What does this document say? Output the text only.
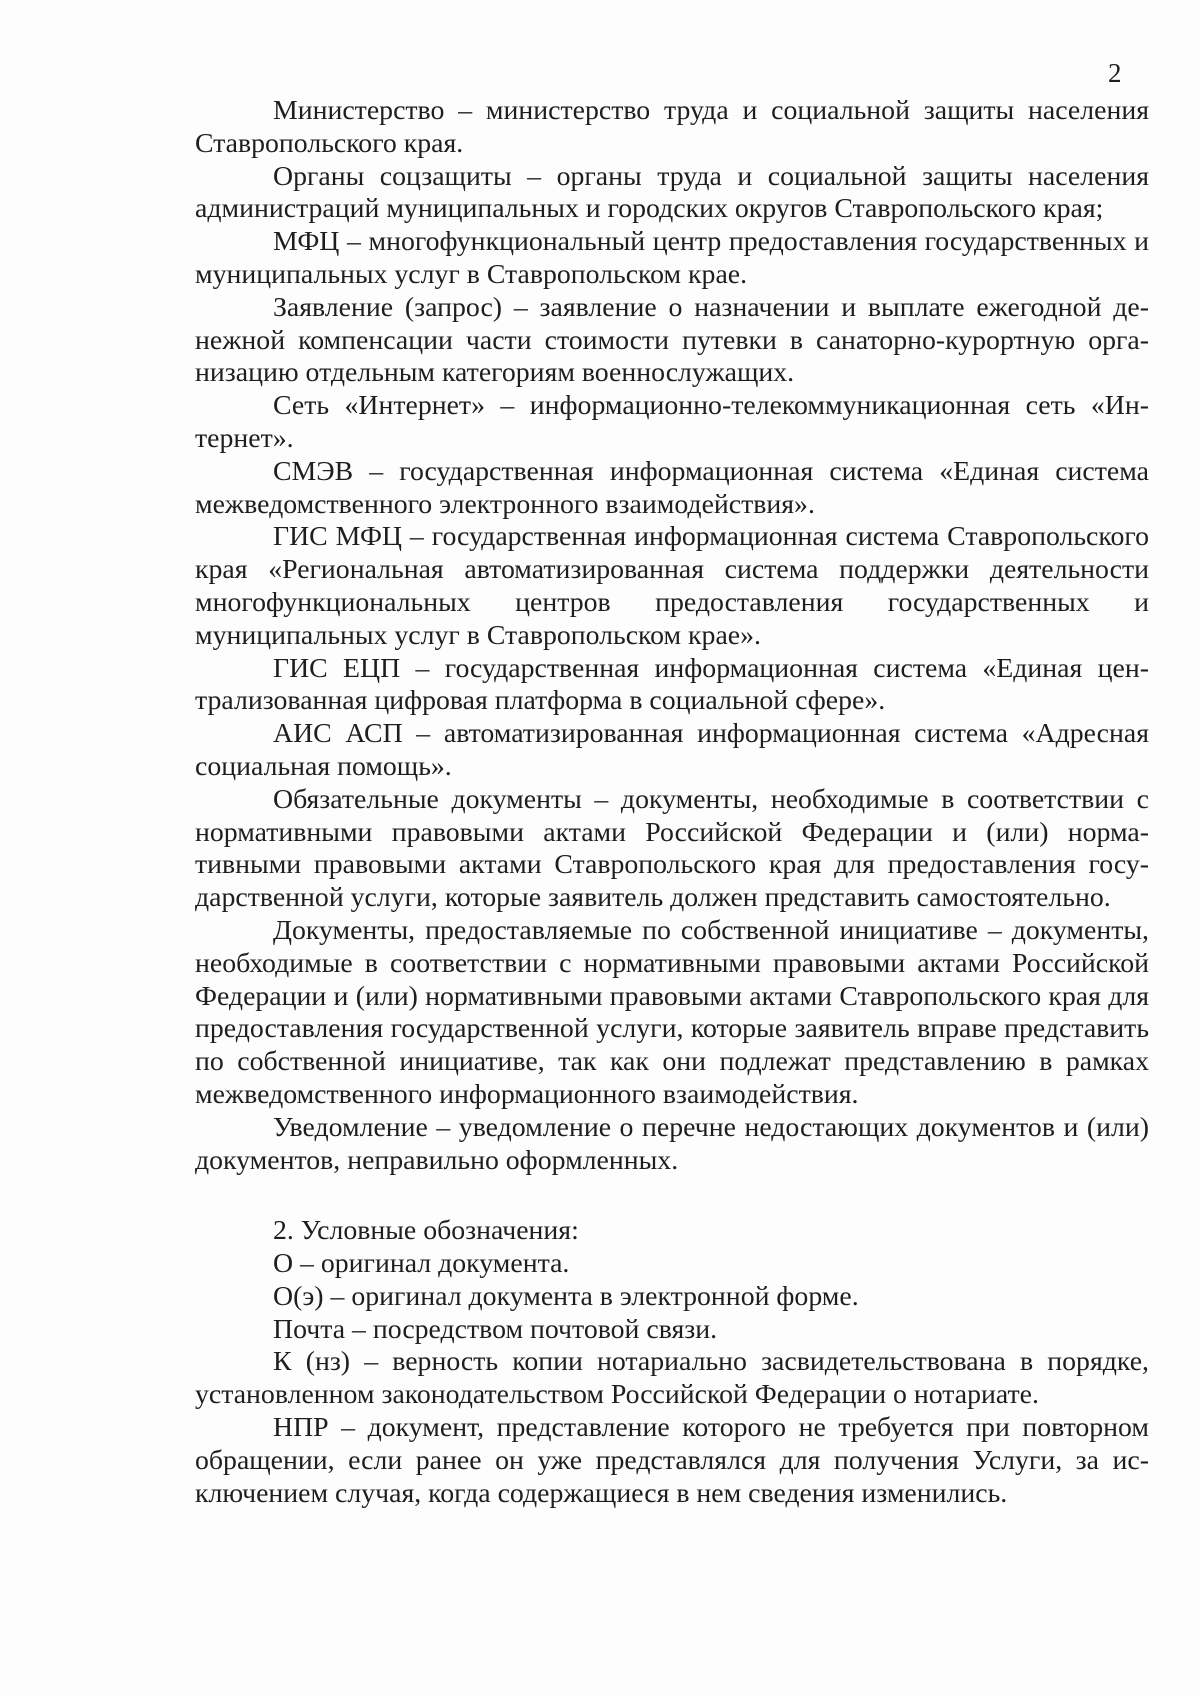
2

Министерство – министерство труда и социальной защиты населения Ставропольского края.

Органы соцзащиты – органы труда и социальной защиты населения администраций муниципальных и городских округов Ставропольского края;

МФЦ – многофункциональный центр предоставления государственных и муниципальных услуг в Ставропольском крае.

Заявление (запрос) – заявление о назначении и выплате ежегодной денежной компенсации части стоимости путевки в санаторно-курортную организацию отдельным категориям военнослужащих.

Сеть «Интернет» – информационно-телекоммуникационная сеть «Интернет».

СМЭВ – государственная информационная система «Единая система межведомственного электронного взаимодействия».

ГИС МФЦ – государственная информационная система Ставропольского края «Региональная автоматизированная система поддержки деятельности многофункциональных центров предоставления государственных и муниципальных услуг в Ставропольском крае».

ГИС ЕЦП – государственная информационная система «Единая централизованная цифровая платформа в социальной сфере».

АИС АСП – автоматизированная информационная система «Адресная социальная помощь».

Обязательные документы – документы, необходимые в соответствии с нормативными правовыми актами Российской Федерации и (или) нормативными правовыми актами Ставропольского края для предоставления государственной услуги, которые заявитель должен представить самостоятельно.

Документы, предоставляемые по собственной инициативе – документы, необходимые в соответствии с нормативными правовыми актами Российской Федерации и (или) нормативными правовыми актами Ставропольского края для предоставления государственной услуги, которые заявитель вправе представить по собственной инициативе, так как они подлежат представлению в рамках межведомственного информационного взаимодействия.

Уведомление – уведомление о перечне недостающих документов и (или) документов, неправильно оформленных.

2. Условные обозначения:

О – оригинал документа.

О(э) – оригинал документа в электронной форме.

Почта – посредством почтовой связи.

К (нз) – верность копии нотариально засвидетельствована в порядке, установленном законодательством Российской Федерации о нотариате.

НПР – документ, представление которого не требуется при повторном обращении, если ранее он уже представлялся для получения Услуги, за исключением случая, когда содержащиеся в нем сведения изменились.
